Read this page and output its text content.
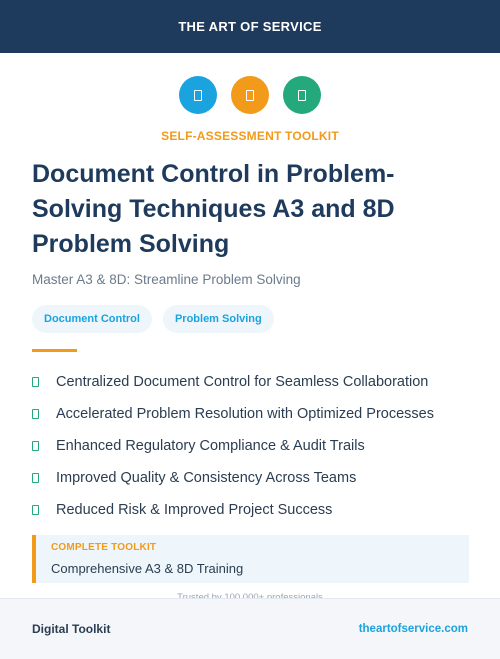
THE ART OF SERVICE
SELF-ASSESSMENT TOOLKIT
Document Control in Problem-Solving Techniques A3 and 8D Problem Solving
Master A3 & 8D: Streamline Problem Solving
Document Control	Problem Solving
Centralized Document Control for Seamless Collaboration
Accelerated Problem Resolution with Optimized Processes
Enhanced Regulatory Compliance & Audit Trails
Improved Quality & Consistency Across Teams
Reduced Risk & Improved Project Success
COMPLETE TOOLKIT
Comprehensive A3 & 8D Training
Digital Toolkit	theartofservice.com
